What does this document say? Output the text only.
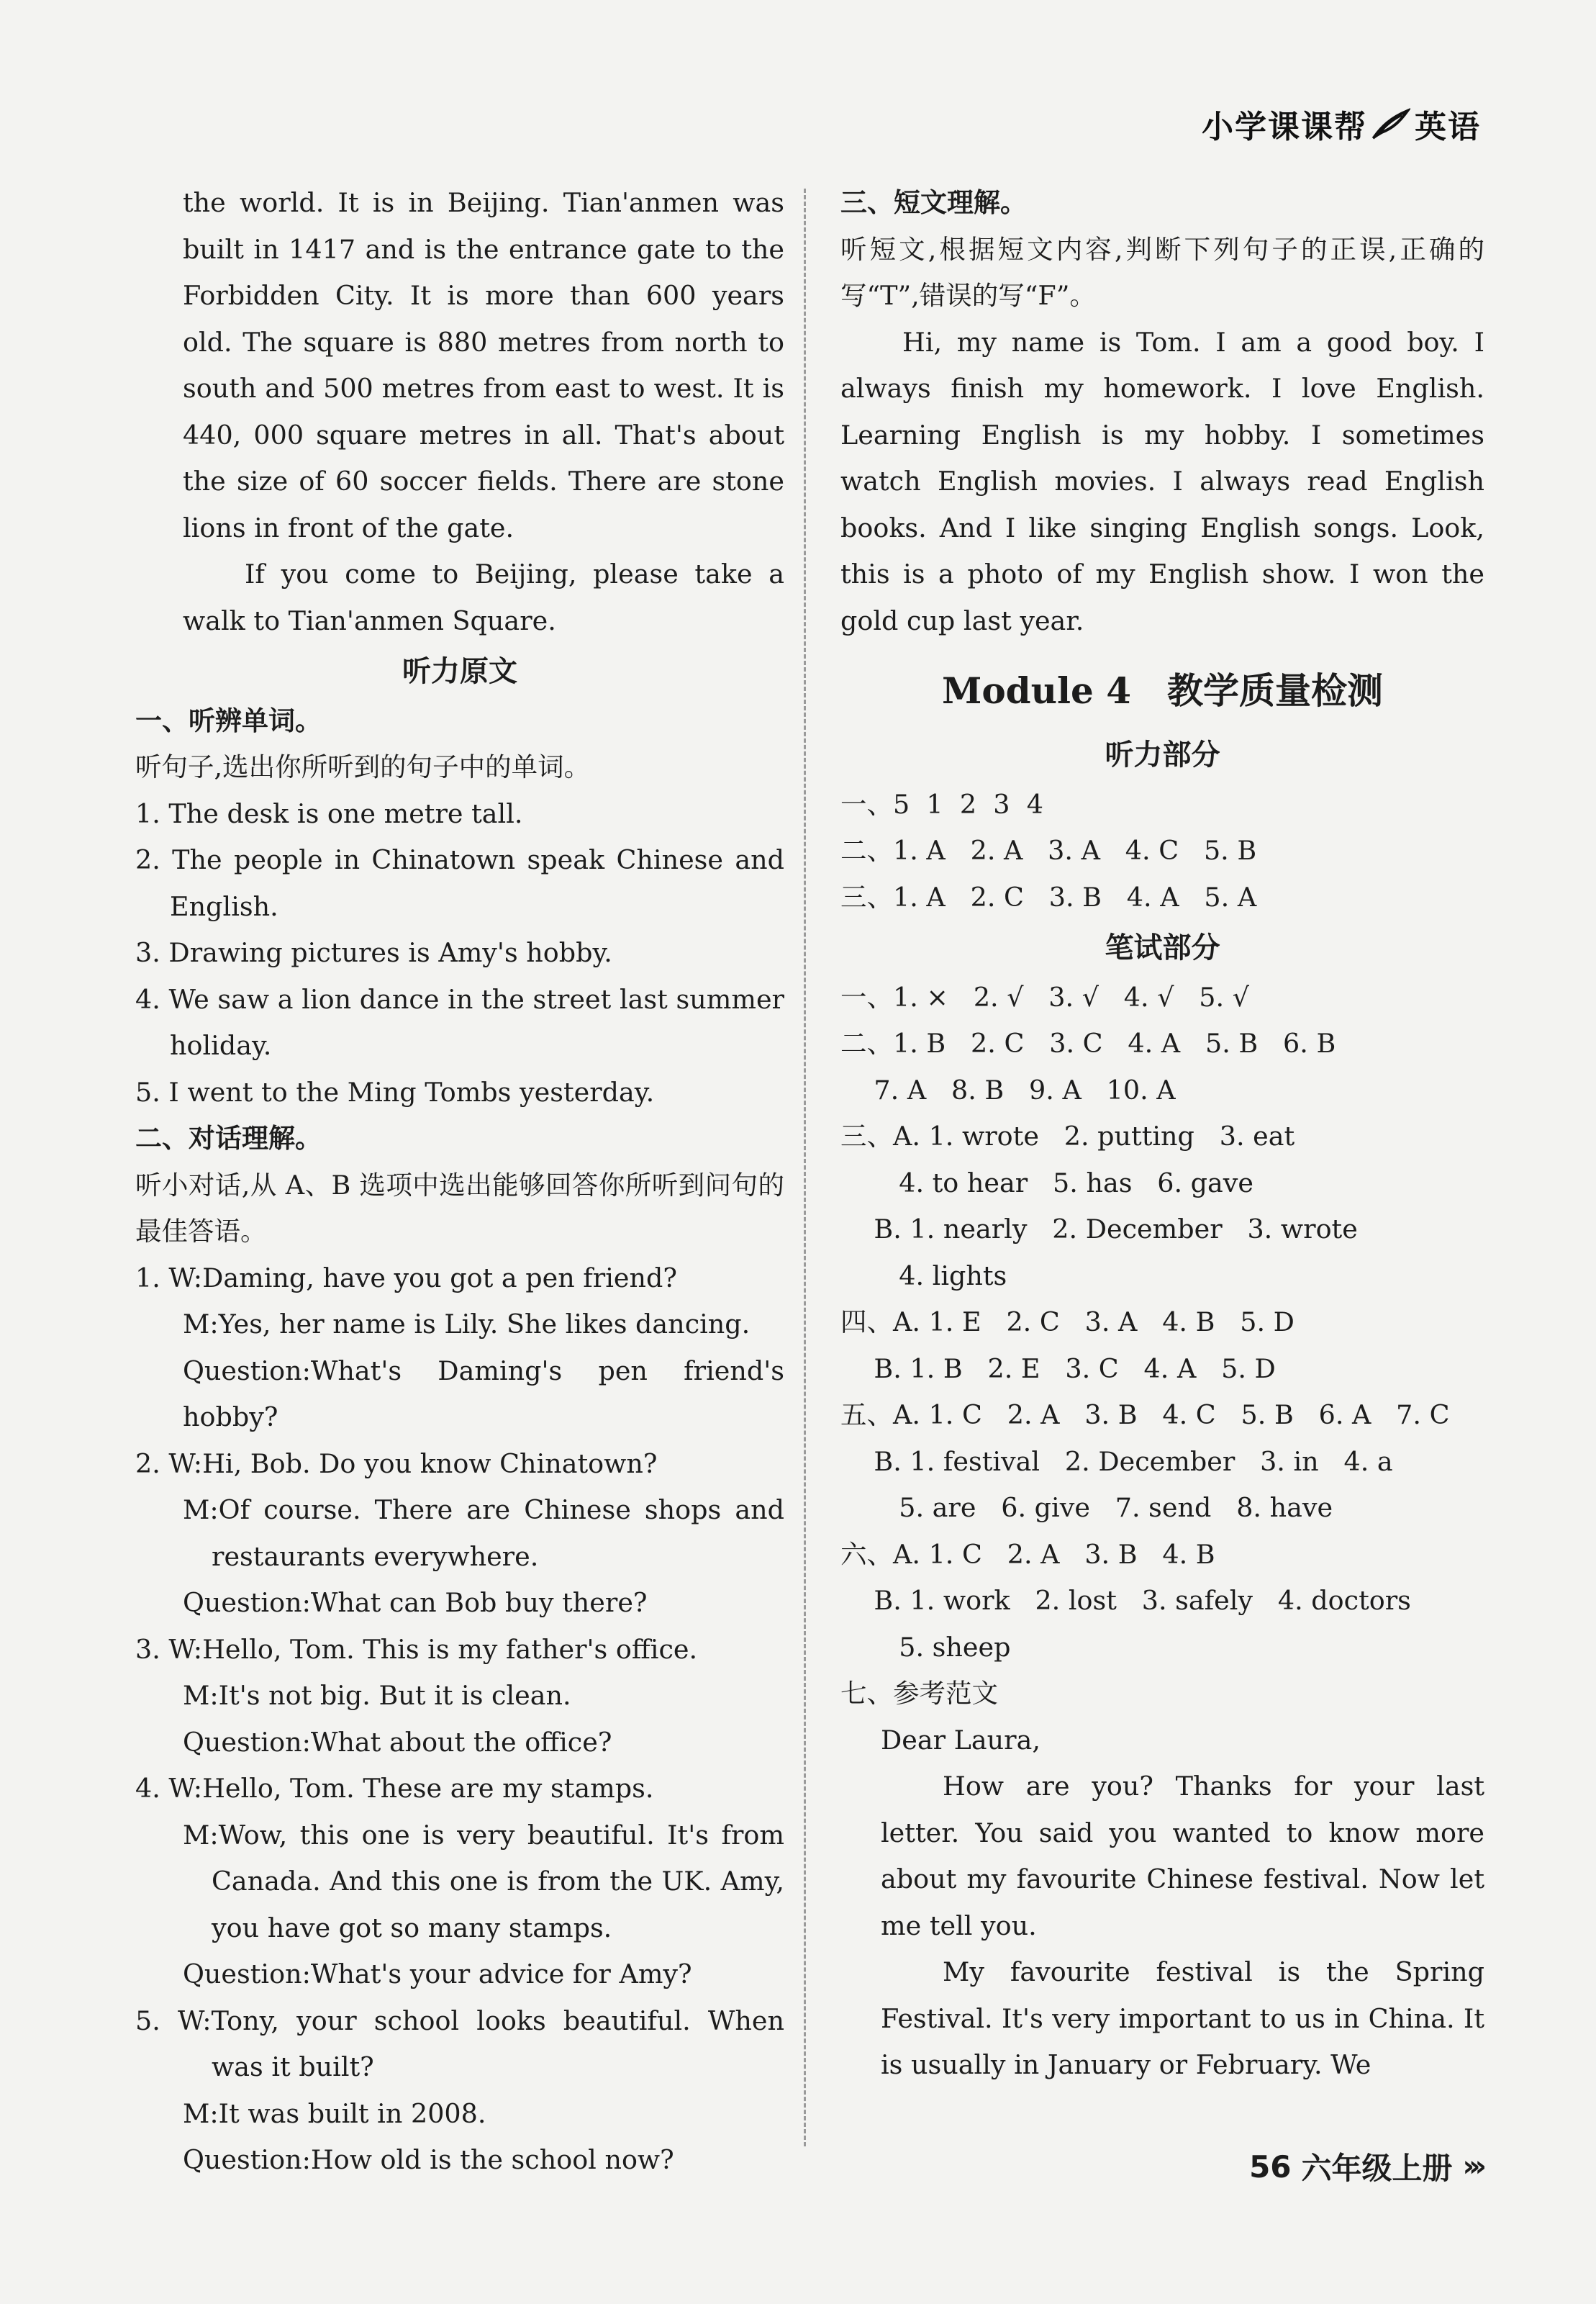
小学课课帮 英语

the world. It is in Beijing. Tian'anmen was built in 1417 and is the entrance gate to the Forbidden City. It is more than 600 years old. The square is 880 metres from north to south and 500 metres from east to west. It is 440, 000 square metres in all. That's about the size of 60 soccer fields. There are stone lions in front of the gate.

If you come to Beijing, please take a walk to Tian'anmen Square.

听力原文

一、听辨单词。

听句子,选出你所听到的句子中的单词。

1. The desk is one metre tall.

2. The people in Chinatown speak Chinese and English.

3. Drawing pictures is Amy's hobby.

4. We saw a lion dance in the street last summer holiday.

5. I went to the Ming Tombs yesterday.

二、对话理解。

听小对话,从 A、B 选项中选出能够回答你所听到问句的最佳答语。

1. W:Daming, have you got a pen friend?

M:Yes, her name is Lily. She likes dancing.

Question:What's Daming's pen friend's hobby?

2. W:Hi, Bob. Do you know Chinatown?

M:Of course. There are Chinese shops and restaurants everywhere.

Question:What can Bob buy there?

3. W:Hello, Tom. This is my father's office.

M:It's not big. But it is clean.

Question:What about the office?

4. W:Hello, Tom. These are my stamps.

M:Wow, this one is very beautiful. It's from Canada. And this one is from the UK. Amy, you have got so many stamps.

Question:What's your advice for Amy?

5. W:Tony, your school looks beautiful. When was it built?

M:It was built in 2008.

Question:How old is the school now?

三、短文理解。

听短文,根据短文内容,判断下列句子的正误,正确的写“T”,错误的写“F”。

Hi, my name is Tom. I am a good boy. I always finish my homework. I love English. Learning English is my hobby. I sometimes watch English movies. I always read English books. And I like singing English songs. Look, this is a photo of my English show. I won the gold cup last year.

Module 4 教学质量检测
听力部分

一、5  1  2  3  4

二、1. A   2. A   3. A   4. C   5. B

三、1. A   2. C   3. B   4. A   5. A

笔试部分

一、1. ×   2. √   3. √   4. √   5. √

二、1. B   2. C   3. C   4. A   5. B   6. B

7. A   8. B   9. A   10. A

三、A. 1. wrote   2. putting   3. eat

4. to hear   5. has   6. gave

B. 1. nearly   2. December   3. wrote

4. lights

四、A. 1. E   2. C   3. A   4. B   5. D

B. 1. B   2. E   3. C   4. A   5. D

五、A. 1. C   2. A   3. B   4. C   5. B   6. A   7. C

B. 1. festival   2. December   3. in   4. a

5. are   6. give   7. send   8. have

六、A. 1. C   2. A   3. B   4. B

B. 1. work   2. lost   3. safely   4. doctors

5. sheep

七、参考范文

Dear Laura,

How are you? Thanks for your last letter. You said you wanted to know more about my favourite Chinese festival. Now let me tell you.

My favourite festival is the Spring Festival. It's very important to us in China. It is usually in January or February. We

56 六年级上册 ›››
